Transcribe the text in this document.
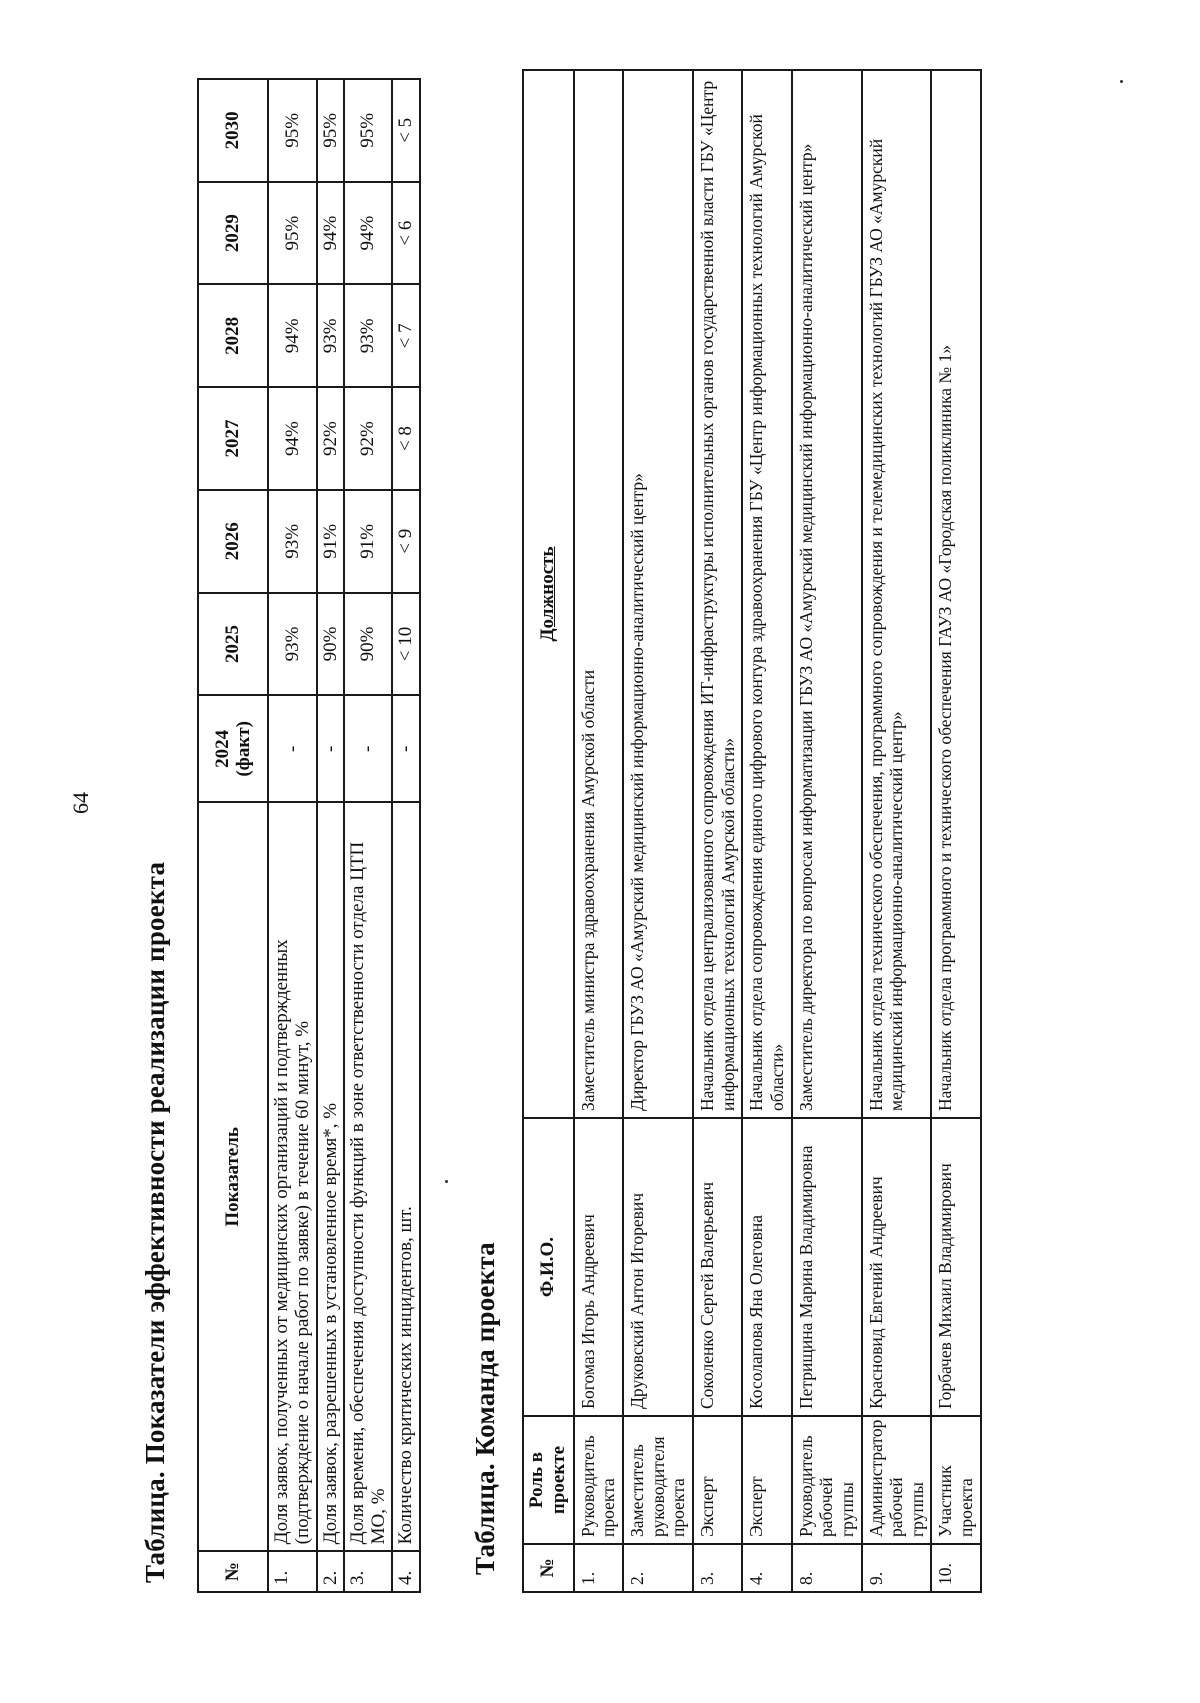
64
Таблица. Показатели эффективности реализации проекта	№	Показатель	2024 (факт)	2025	2026	2027	2028	2029	2030
1.	Доля заявок, полученных от медицинских организаций и подтвержденных (подтверждение о начале работ по заявке) в течение 60 минут, %	-	93%	93%	94%	94%	95%	95%
2.	Доля заявок, разрешенных в установленное время*, %	-	90%	91%	92%	93%	94%	95%
3.	Доля времени, обеспечения доступности функций в зоне ответственности отдела ЦТП МО, %	-	90%	91%	92%	93%	94%	95%
4.	Количество критических инцидентов, шт.	-	< 10	< 9	< 8	< 7	< 6	< 5
Таблица. Команда проекта №	Роль в проекте	Ф.И.О.	Должность
1.	Руководитель проекта	Богомаз Игорь Андреевич	Заместитель министра здравоохранения Амурской области
2.	Заместитель руководителя проекта	Друковский Антон Игоревич	Директор ГБУЗ АО «Амурский медицинский информационно-аналитический центр»
3.	Эксперт	Соколенко Сергей Валерьевич	Начальник отдела централизованного сопровождения ИТ-инфраструктуры исполнительных органов государственной власти ГБУ «Центр информационных технологий Амурской области»
4.	Эксперт	Косолапова Яна Олеговна	Начальник отдела сопровождения единого цифрового контура здравоохранения ГБУ «Центр информационных технологий Амурской области»
8.	Руководитель рабочей группы	Петрищина Марина Владимировна	Заместитель директора по вопросам информатизации ГБУЗ АО «Амурский медицинский информационно-аналитический центр»
9.	Администратор рабочей группы	Красновид Евгений Андреевич	Начальник отдела технического обеспечения, программного сопровождения и телемедицинских технологий ГБУЗ АО «Амурский медицинский информационно-аналитический центр»
10.	Участник проекта	Горбачев Михаил Владимирович	Начальник отдела программного и технического обеспечения ГАУЗ АО «Городская поликлиника № 1»
